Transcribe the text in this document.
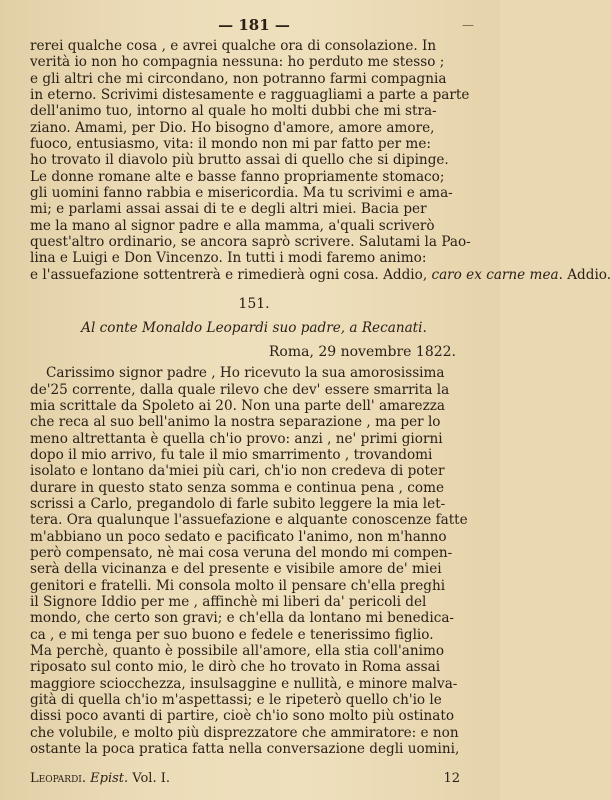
— 181 —	—
rerei qualche cosa , e avrei qualche ora di consolazione. In
verità io non ho compagnia nessuna: ho perduto me stesso ;
e gli altri che mi circondano, non potranno farmi compagnia
in eterno. Scrivimi distesamente e ragguagliami a parte a parte
dell'animo tuo, intorno al quale ho molti dubbi che mi stra-
ziano. Amami, per Dio. Ho bisogno d'amore, amore amore,
fuoco, entusiasmo, vita: il mondo non mi par fatto per me:
ho trovato il diavolo più brutto assai di quello che si dipinge.
Le donne romane alte e basse fanno propriamente stomaco;
gli uomini fanno rabbia e misericordia. Ma tu scrivimi e ama-
mi; e parlami assai assai di te e degli altri miei. Bacia per
me la mano al signor padre e alla mamma, a'quali scriverò
quest'altro ordinario, se ancora saprò scrivere. Salutami la Pao-
lina e Luigi e Don Vincenzo. In tutti i modi faremo animo:
e l'assuefazione sottentrerà e rimedierà ogni cosa. Addio, caro ex carne mea. Addio.
151.
Al conte Monaldo Leopardi suo padre, a Recanati.
Roma, 29 novembre 1822.
Carissimo signor padre , Ho ricevuto la sua amorosissima
de'25 corrente, dalla quale rilevo che dev' essere smarrita la
mia scrittale da Spoleto ai 20. Non una parte dell' amarezza
che reca al suo bell'animo la nostra separazione , ma per lo
meno altrettanta è quella ch'io provo: anzi , ne' primi giorni
dopo il mio arrivo, fu tale il mio smarrimento , trovandomi
isolato e lontano da'miei più cari, ch'io non credeva di poter
durare in questo stato senza somma e continua pena , come
scrissi a Carlo, pregandolo di farle subito leggere la mia let-
tera. Ora qualunque l'assuefazione e alquante conoscenze fatte
m'abbiano un poco sedato e pacificato l'animo, non m'hanno
però compensato, nè mai cosa veruna del mondo mi compen-
serà della vicinanza e del presente e visibile amore de' miei
genitori e fratelli. Mi consola molto il pensare ch'ella preghi
il Signore Iddio per me , affinchè mi liberi da' pericoli del
mondo, che certo son gravi; e ch'ella da lontano mi benedica-
ca , e mi tenga per suo buono e fedele e tenerissimo figlio.
Ma perchè, quanto è possibile all'amore, ella stia coll'animo
riposato sul conto mio, le dirò che ho trovato in Roma assai
maggiore sciocchezza, insulsaggine e nullità, e minore malva-
gità di quella ch'io m'aspettassi; e le ripeterò quello ch'io le
dissi poco avanti di partire, cioè ch'io sono molto più ostinato
che volubile, e molto più disprezzatore che ammiratore: e non
ostante la poca pratica fatta nella conversazione degli uomini,
Leopardi. Epist. Vol. I.	12
